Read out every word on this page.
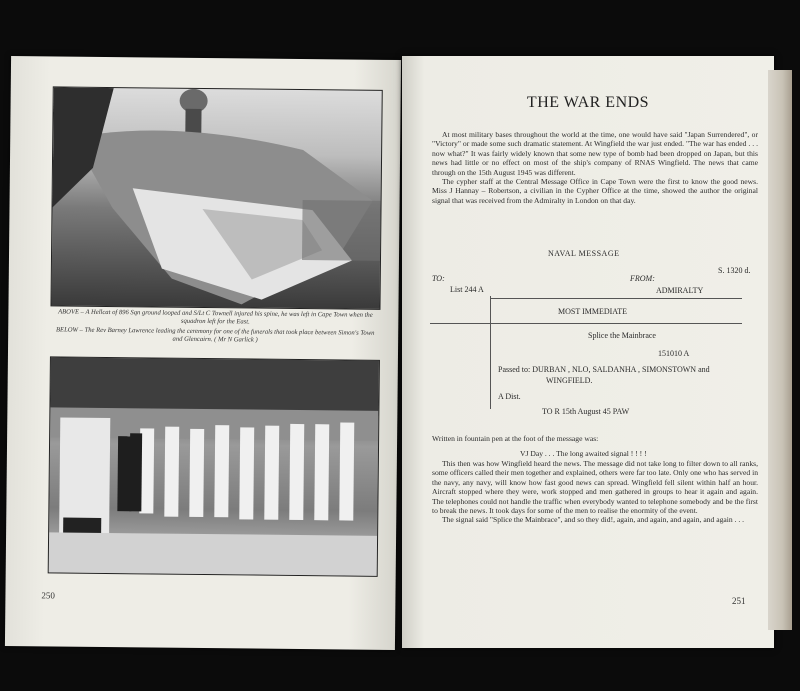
ABOVE – A Hellcat of 896 Sqn ground looped and S/Lt C Townell injured his spine, he was left in Cape Town when the squadron left for the East.
BELOW – The Rev Barney Lawrence leading the ceremony for one of the funerals that took place between Simon's Town and Glencairn. ( Mr N Garlick )
250
THE WAR ENDS

At most military bases throughout the world at the time, one would have said "Japan Surrendered", or "Victory" or made some such dramatic statement. At Wingfield the war just ended. "The war has ended . . . now what?" It was fairly widely known that some new type of bomb had been dropped on Japan, but this news had little or no effect on most of the ship's company of RNAS Wingfield. The news that came through on the 15th August 1945 was different.

The cypher staff at the Central Message Office in Cape Town were the first to know the good news. Miss J Hannay – Robertson, a civilian in the Cypher Office at the time, showed the author the original signal that was received from the Admiralty in London on that day.

NAVAL MESSAGE
S. 1320 d.
TO:
List 244 A
FROM:
ADMIRALTY
MOST IMMEDIATE
Splice the Mainbrace
151010 A
Passed to: DURBAN , NLO, SALDANHA , SIMONSTOWN and
WINGFIELD.
A Dist.
TO R 15th August 45 PAW
Written in fountain pen at the foot of the message was:
VJ Day . . . The long awaited signal ! ! ! !

This then was how Wingfield heard the news. The message did not take long to filter down to all ranks, some officers called their men together and explained, others were far too late. Only one who has served in the navy, any navy, will know how fast good news can spread. Wingfield fell silent within half an hour. Aircraft stopped where they were, work stopped and men gathered in groups to hear it again and again. The telephones could not handle the traffic when everybody wanted to telephone somebody and be the first to break the news. It took days for some of the men to realise the enormity of the event.

The signal said "Splice the Mainbrace", and so they did!, again, and again, and again, and again . . .

251
